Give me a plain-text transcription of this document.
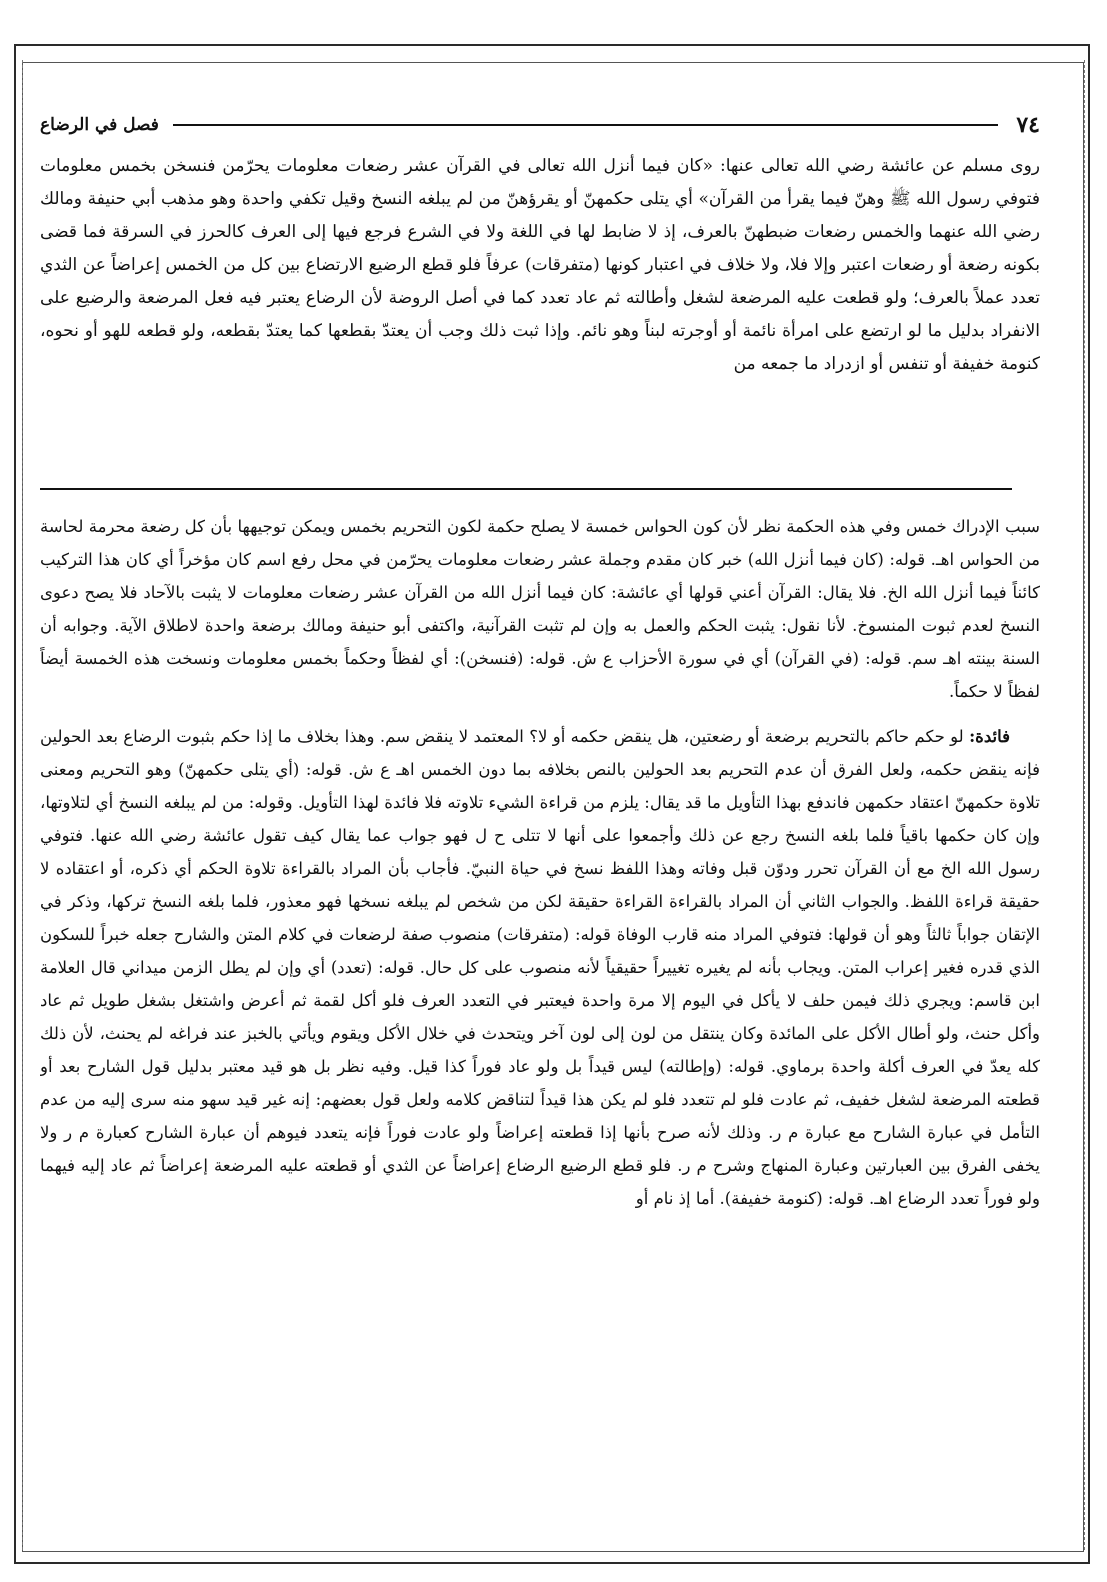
٧٤
فصل في الرضاع

روى مسلم عن عائشة رضي الله تعالى عنها: «كان فيما أنزل الله تعالى في القرآن عشر رضعات معلومات يحرّمن فنسخن بخمس معلومات فتوفي رسول الله ﷺ وهنّ فيما يقرأ من القرآن» أي يتلى حكمهنّ أو يقرؤهنّ من لم يبلغه النسخ وقيل تكفي واحدة وهو مذهب أبي حنيفة ومالك رضي الله عنهما والخمس رضعات ضبطهنّ بالعرف، إذ لا ضابط لها في اللغة ولا في الشرع فرجع فيها إلى العرف كالحرز في السرقة فما قضى بكونه رضعة أو رضعات اعتبر وإلا فلا، ولا خلاف في اعتبار كونها (متفرقات) عرفاً فلو قطع الرضيع الارتضاع بين كل من الخمس إعراضاً عن الثدي تعدد عملاً بالعرف؛ ولو قطعت عليه المرضعة لشغل وأطالته ثم عاد تعدد كما في أصل الروضة لأن الرضاع يعتبر فيه فعل المرضعة والرضيع على الانفراد بدليل ما لو ارتضع على امرأة نائمة أو أوجرته لبناً وهو نائم. وإذا ثبت ذلك وجب أن يعتدّ بقطعها كما يعتدّ بقطعه، ولو قطعه للهو أو نحوه، كنومة خفيفة أو تنفس أو ازدراد ما جمعه من

سبب الإدراك خمس وفي هذه الحكمة نظر لأن كون الحواس خمسة لا يصلح حكمة لكون التحريم بخمس ويمكن توجيهها بأن كل رضعة محرمة لحاسة من الحواس اهـ. قوله: (كان فيما أنزل الله) خبر كان مقدم وجملة عشر رضعات معلومات يحرّمن في محل رفع اسم كان مؤخراً أي كان هذا التركيب كائناً فيما أنزل الله الخ. فلا يقال: القرآن أعني قولها أي عائشة: كان فيما أنزل الله من القرآن عشر رضعات معلومات لا يثبت بالآحاد فلا يصح دعوى النسخ لعدم ثبوت المنسوخ. لأنا نقول: يثبت الحكم والعمل به وإن لم تثبت القرآنية، واكتفى أبو حنيفة ومالك برضعة واحدة لاطلاق الآية. وجوابه أن السنة بينته اهـ سم. قوله: (في القرآن) أي في سورة الأحزاب ع ش. قوله: (فنسخن): أي لفظاً وحكماً بخمس معلومات ونسخت هذه الخمسة أيضاً لفظاً لا حكماً.

فائدة: لو حكم حاكم بالتحريم برضعة أو رضعتين، هل ينقض حكمه أو لا؟ المعتمد لا ينقض سم. وهذا بخلاف ما إذا حكم بثبوت الرضاع بعد الحولين فإنه ينقض حكمه، ولعل الفرق أن عدم التحريم بعد الحولين بالنص بخلافه بما دون الخمس اهـ ع ش. قوله: (أي يتلى حكمهنّ) وهو التحريم ومعنى تلاوة حكمهنّ اعتقاد حكمهن فاندفع بهذا التأويل ما قد يقال: يلزم من قراءة الشيء تلاوته فلا فائدة لهذا التأويل. وقوله: من لم يبلغه النسخ أي لتلاوتها، وإن كان حكمها باقياً فلما بلغه النسخ رجع عن ذلك وأجمعوا على أنها لا تتلى ح ل فهو جواب عما يقال كيف تقول عائشة رضي الله عنها. فتوفي رسول الله الخ مع أن القرآن تحرر ودوّن قبل وفاته وهذا اللفظ نسخ في حياة النبيّ. فأجاب بأن المراد بالقراءة تلاوة الحكم أي ذكره، أو اعتقاده لا حقيقة قراءة اللفظ. والجواب الثاني أن المراد بالقراءة القراءة حقيقة لكن من شخص لم يبلغه نسخها فهو معذور، فلما بلغه النسخ تركها، وذكر في الإتقان جواباً ثالثاً وهو أن قولها: فتوفي المراد منه قارب الوفاة قوله: (متفرقات) منصوب صفة لرضعات في كلام المتن والشارح جعله خبراً للسكون الذي قدره فغير إعراب المتن. ويجاب بأنه لم يغيره تغييراً حقيقياً لأنه منصوب على كل حال. قوله: (تعدد) أي وإن لم يطل الزمن ميداني قال العلامة ابن قاسم: ويجري ذلك فيمن حلف لا يأكل في اليوم إلا مرة واحدة فيعتبر في التعدد العرف فلو أكل لقمة ثم أعرض واشتغل بشغل طويل ثم عاد وأكل حنث، ولو أطال الأكل على المائدة وكان ينتقل من لون إلى لون آخر ويتحدث في خلال الأكل ويقوم ويأتي بالخبز عند فراغه لم يحنث، لأن ذلك كله يعدّ في العرف أكلة واحدة برماوي. قوله: (وإطالته) ليس قيداً بل ولو عاد فوراً كذا قيل. وفيه نظر بل هو قيد معتبر بدليل قول الشارح بعد أو قطعته المرضعة لشغل خفيف، ثم عادت فلو لم تتعدد فلو لم يكن هذا قيداً لتناقض كلامه ولعل قول بعضهم: إنه غير قيد سهو منه سرى إليه من عدم التأمل في عبارة الشارح مع عبارة م ر. وذلك لأنه صرح بأنها إذا قطعته إعراضاً ولو عادت فوراً فإنه يتعدد فيوهم أن عبارة الشارح كعبارة م ر ولا يخفى الفرق بين العبارتين وعبارة المنهاج وشرح م ر. فلو قطع الرضيع الرضاع إعراضاً عن الثدي أو قطعته عليه المرضعة إعراضاً ثم عاد إليه فيهما ولو فوراً تعدد الرضاع اهـ. قوله: (كنومة خفيفة). أما إذ نام أو
